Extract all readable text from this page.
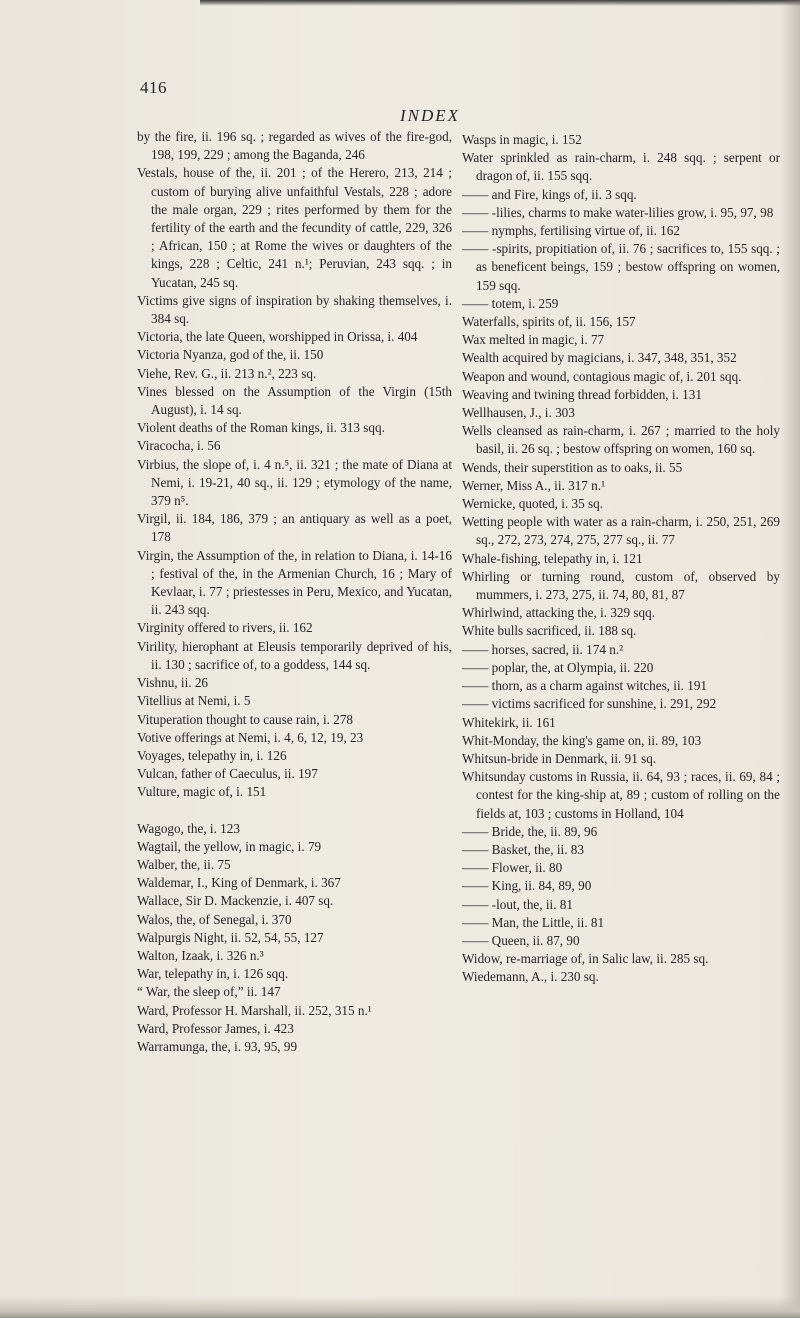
416
INDEX
by the fire, ii. 196 sq. ; regarded as wives of the fire-god, 198, 199, 229 ; among the Baganda, 246
Vestals, house of the, ii. 201 ; of the Herero, 213, 214 ; custom of burying alive unfaithful Vestals, 228 ; adore the male organ, 229 ; rites performed by them for the fertility of the earth and the fecundity of cattle, 229, 326 ; African, 150 ; at Rome the wives or daughters of the kings, 228 ; Celtic, 241 n.¹; Peruvian, 243 sqq. ; in Yucatan, 245 sq.
Victims give signs of inspiration by shaking themselves, i. 384 sq.
Victoria, the late Queen, worshipped in Orissa, i. 404
Victoria Nyanza, god of the, ii. 150
Viehe, Rev. G., ii. 213 n.², 223 sq.
Vines blessed on the Assumption of the Virgin (15th August), i. 14 sq.
Violent deaths of the Roman kings, ii. 313 sqq.
Viracocha, i. 56
Virbius, the slope of, i. 4 n.⁵, ii. 321 ; the mate of Diana at Nemi, i. 19-21, 40 sq., ii. 129 ; etymology of the name, 379 n⁵.
Virgil, ii. 184, 186, 379 ; an antiquary as well as a poet, 178
Virgin, the Assumption of the, in relation to Diana, i. 14-16 ; festival of the, in the Armenian Church, 16 ; Mary of Kevlaar, i. 77 ; priestesses in Peru, Mexico, and Yucatan, ii. 243 sqq.
Virginity offered to rivers, ii. 162
Virility, hierophant at Eleusis temporarily deprived of his, ii. 130 ; sacrifice of, to a goddess, 144 sq.
Vishnu, ii. 26
Vitellius at Nemi, i. 5
Vituperation thought to cause rain, i. 278
Votive offerings at Nemi, i. 4, 6, 12, 19, 23
Voyages, telepathy in, i. 126
Vulcan, father of Caeculus, ii. 197
Vulture, magic of, i. 151
Wagogo, the, i. 123
Wagtail, the yellow, in magic, i. 79
Walber, the, ii. 75
Waldemar, I., King of Denmark, i. 367
Wallace, Sir D. Mackenzie, i. 407 sq.
Walos, the, of Senegal, i. 370
Walpurgis Night, ii. 52, 54, 55, 127
Walton, Izaak, i. 326 n.³
War, telepathy in, i. 126 sqq.
“ War, the sleep of,” ii. 147
Ward, Professor H. Marshall, ii. 252, 315 n.¹
Ward, Professor James, i. 423
Warramunga, the, i. 93, 95, 99
Wasps in magic, i. 152
Water sprinkled as rain-charm, i. 248 sqq. ; serpent or dragon of, ii. 155 sqq.
—— and Fire, kings of, ii. 3 sqq.
—— -lilies, charms to make water-lilies grow, i. 95, 97, 98
—— nymphs, fertilising virtue of, ii. 162
—— -spirits, propitiation of, ii. 76 ; sacrifices to, 155 sqq. ; as beneficent beings, 159 ; bestow offspring on women, 159 sqq.
—— totem, i. 259
Waterfalls, spirits of, ii. 156, 157
Wax melted in magic, i. 77
Wealth acquired by magicians, i. 347, 348, 351, 352
Weapon and wound, contagious magic of, i. 201 sqq.
Weaving and twining thread forbidden, i. 131
Wellhausen, J., i. 303
Wells cleansed as rain-charm, i. 267 ; married to the holy basil, ii. 26 sq. ; bestow offspring on women, 160 sq.
Wends, their superstition as to oaks, ii. 55
Werner, Miss A., ii. 317 n.¹
Wernicke, quoted, i. 35 sq.
Wetting people with water as a rain-charm, i. 250, 251, 269 sq., 272, 273, 274, 275, 277 sq., ii. 77
Whale-fishing, telepathy in, i. 121
Whirling or turning round, custom of, observed by mummers, i. 273, 275, ii. 74, 80, 81, 87
Whirlwind, attacking the, i. 329 sqq.
White bulls sacrificed, ii. 188 sq.
—— horses, sacred, ii. 174 n.²
—— poplar, the, at Olympia, ii. 220
—— thorn, as a charm against witches, ii. 191
—— victims sacrificed for sunshine, i. 291, 292
Whitekirk, ii. 161
Whit-Monday, the king's game on, ii. 89, 103
Whitsun-bride in Denmark, ii. 91 sq.
Whitsunday customs in Russia, ii. 64, 93 ; races, ii. 69, 84 ; contest for the king-ship at, 89 ; custom of rolling on the fields at, 103 ; customs in Holland, 104
—— Bride, the, ii. 89, 96
—— Basket, the, ii. 83
—— Flower, ii. 80
—— King, ii. 84, 89, 90
—— -lout, the, ii. 81
—— Man, the Little, ii. 81
—— Queen, ii. 87, 90
Widow, re-marriage of, in Salic law, ii. 285 sq.
Wiedemann, A., i. 230 sq.
